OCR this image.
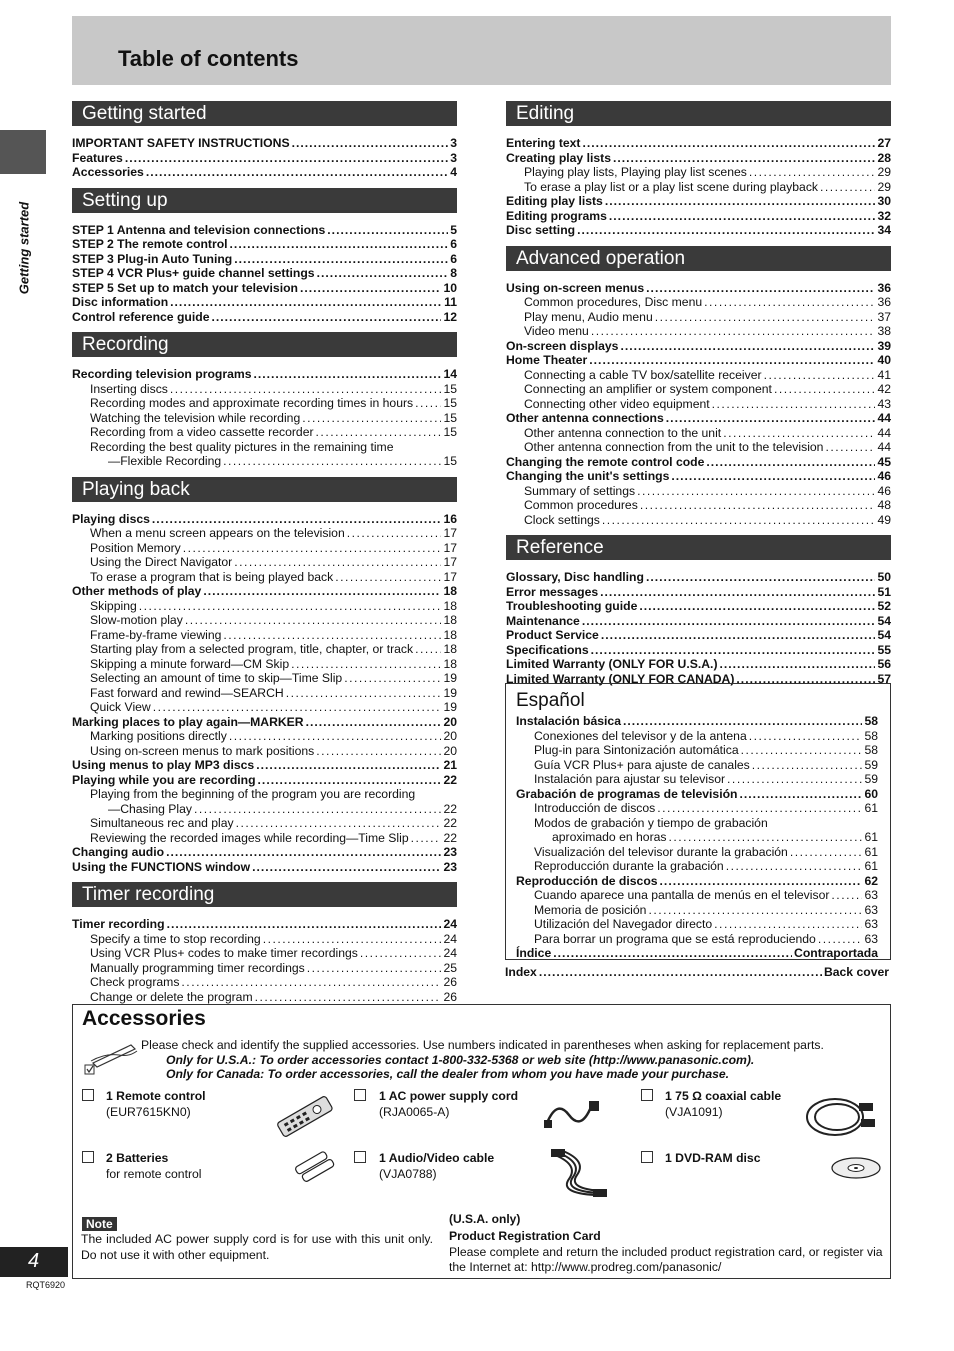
Table of contents
Getting started
Getting started
IMPORTANT SAFETY INSTRUCTIONS .....	3
Features .....	3
Accessories .....	4
Setting up
STEP 1 Antenna and television connections .....	5
STEP 2 The remote control .....	6
STEP 3 Plug-in Auto Tuning .....	6
STEP 4 VCR Plus+ guide channel settings .....	8
STEP 5 Set up to match your television .....	10
Disc information .....	11
Control reference guide .....	12
Recording
Recording television programs .....	14
Inserting discs .....	15
Recording modes and approximate recording times in hours ..... 15
Watching the television while recording .....	15
Recording from a video cassette recorder .....	15
Recording the best quality pictures in the remaining time
—Flexible Recording .....	15
Playing back
Playing discs .....	16
When a menu screen appears on the television .....	17
Position Memory .....	17
Using the Direct Navigator .....	17
To erase a program that is being played back .....	17
Other methods of play .....	18
Skipping .....	18
Slow-motion play .....	18
Frame-by-frame viewing .....	18
Starting play from a selected program, title, chapter, or track ..... 18
Skipping a minute forward—CM Skip .....	18
Selecting an amount of time to skip—Time Slip .....	19
Fast forward and rewind—SEARCH .....	19
Quick View .....	19
Marking places to play again—MARKER .....	20
Marking positions directly .....	20
Using on-screen menus to mark positions .....	20
Using menus to play MP3 discs .....	21
Playing while you are recording .....	22
Playing from the beginning of the program you are recording
—Chasing Play .....	22
Simultaneous rec and play .....	22
Reviewing the recorded images while recording—Time Slip .....	22
Changing audio .....	23
Using the FUNCTIONS window .....	23
Timer recording
Timer recording .....	24
Specify a time to stop recording .....	24
Using VCR Plus+ codes to make timer recordings .....	24
Manually programming timer recordings .....	25
Check programs .....	26
Change or delete the program .....	26
Editing
Entering text .....	27
Creating play lists .....	28
Playing play lists, Playing play list scenes .....	29
To erase a play list or a play list scene during playback .....	29
Editing play lists .....	30
Editing programs .....	32
Disc setting .....	34
Advanced operation
Using on-screen menus .....	36
Common procedures, Disc menu .....	36
Play menu, Audio menu .....	37
Video menu .....	38
On-screen displays .....	39
Home Theater .....	40
Connecting a cable TV box/satellite receiver .....	41
Connecting an amplifier or system component .....	42
Connecting other video equipment .....	43
Other antenna connections .....	44
Other antenna connection to the unit .....	44
Other antenna connection from the unit to the television .....	44
Changing the remote control code .....	45
Changing the unit's settings .....	46
Summary of settings .....	46
Common procedures .....	48
Clock settings .....	49
Reference
Glossary, Disc handling .....	50
Error messages .....	51
Troubleshooting guide .....	52
Maintenance .....	54
Product Service .....	54
Specifications .....	55
Limited Warranty (ONLY FOR U.S.A.) .....	56
Limited Warranty (ONLY FOR CANADA) .....	57
Español
Instalación básica .....	58
Conexiones del televisor y de la antena .....	58
Plug-in para Sintonización automática .....	58
Guía VCR Plus+ para ajuste de canales .....	59
Instalación para ajustar su televisor .....	59
Grabación de programas de televisión .....	60
Introducción de discos .....	61
Modos de grabación y tiempo de grabación
aproximado en horas .....	61
Visualización del televisor durante la grabación .....	61
Reproducción durante la grabación .....	61
Reproducción de discos .....	62
Cuando aparece una pantalla de menús en el televisor .....	63
Memoria de posición .....	63
Utilización del Navegador directo .....	63
Para borrar un programa que se está reproduciendo .....	63
Índice .....	Contraportada
Index .....	Back cover
Accessories
Please check and identify the supplied accessories. Use numbers indicated in parentheses when asking for replacement parts.
Only for U.S.A.: To order accessories contact 1-800-332-5368 or web site (http://www.panasonic.com).
Only for Canada: To order accessories, call the dealer from whom you have made your purchase.
1 Remote control
(EUR7615KN0)
1 AC power supply cord
(RJA0065-A)
1 75 Ω coaxial cable
(VJA1091)
2 Batteries
for remote control
1 Audio/Video cable
(VJA0788)
1 DVD-RAM disc
Note
The included AC power supply cord is for use with this unit only. Do not use it with other equipment.
(U.S.A. only)
Product Registration Card
Please complete and return the included product registration card, or register via the Internet at: http://www.prodreg.com/panasonic/
4
RQT6920
